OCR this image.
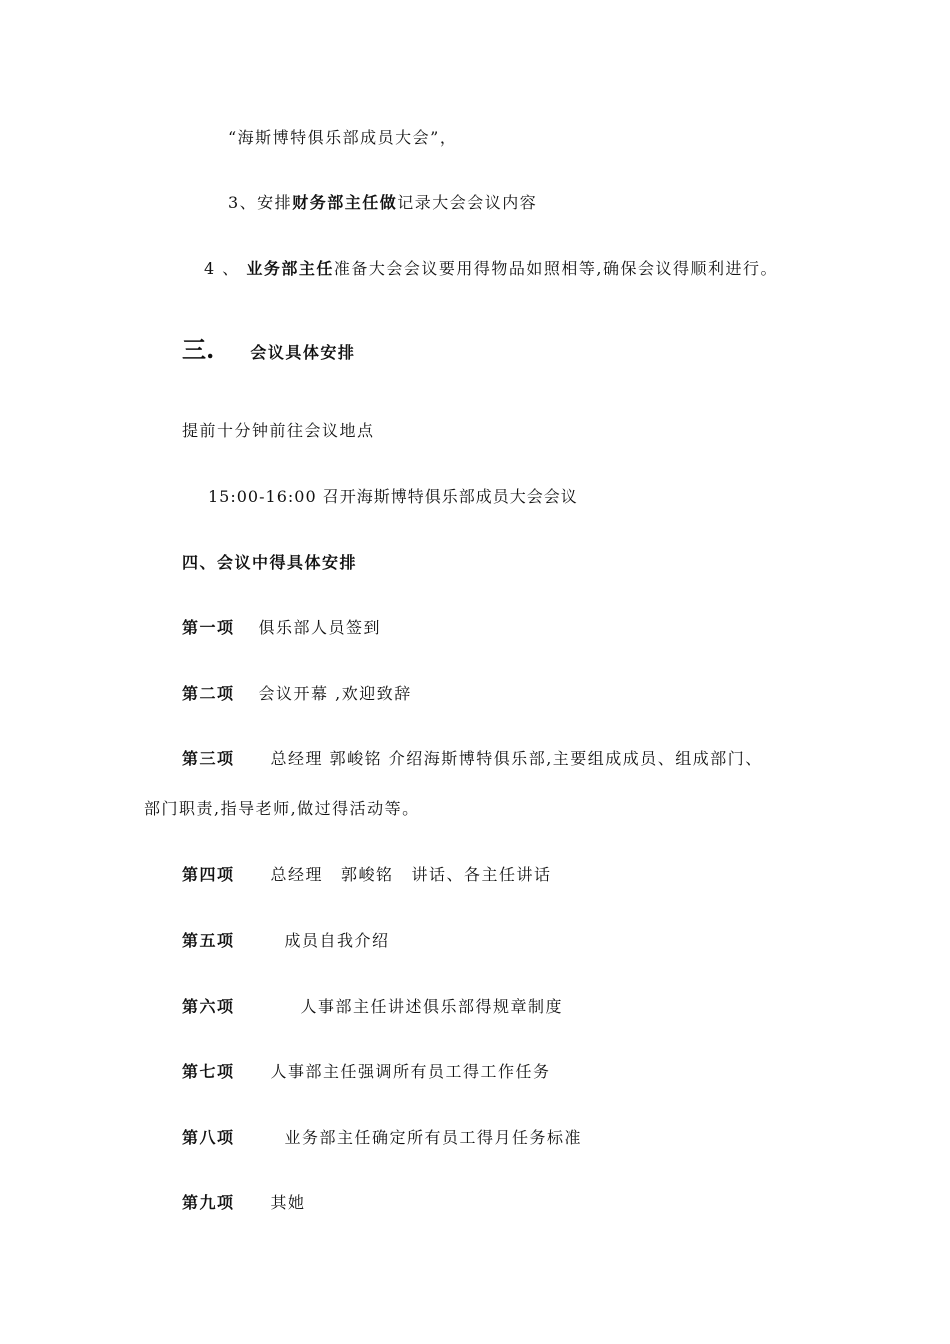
“海斯博特俱乐部成员大会”，
3、安排财务部主任做记录大会会议内容
4 、 业务部主任准备大会会议要用得物品如照相等,确保会议得顺利进行。
三. 会议具体安排
提前十分钟前往会议地点
15:00-16:00 召开海斯博特俱乐部成员大会会议
四、会议中得具体安排
第一项 俱乐部人员签到
第二项 会议开幕 ,欢迎致辞
第三项 总经理 郭峻铭 介绍海斯博特俱乐部,主要组成成员、组成部门、
部门职责,指导老师,做过得活动等。
第四项 总经理 郭峻铭 讲话、各主任讲话
第五项	成员自我介绍
第六项	人事部主任讲述俱乐部得规章制度
第七项 人事部主任强调所有员工得工作任务
第八项	业务部主任确定所有员工得月任务标准
第九项 其她
